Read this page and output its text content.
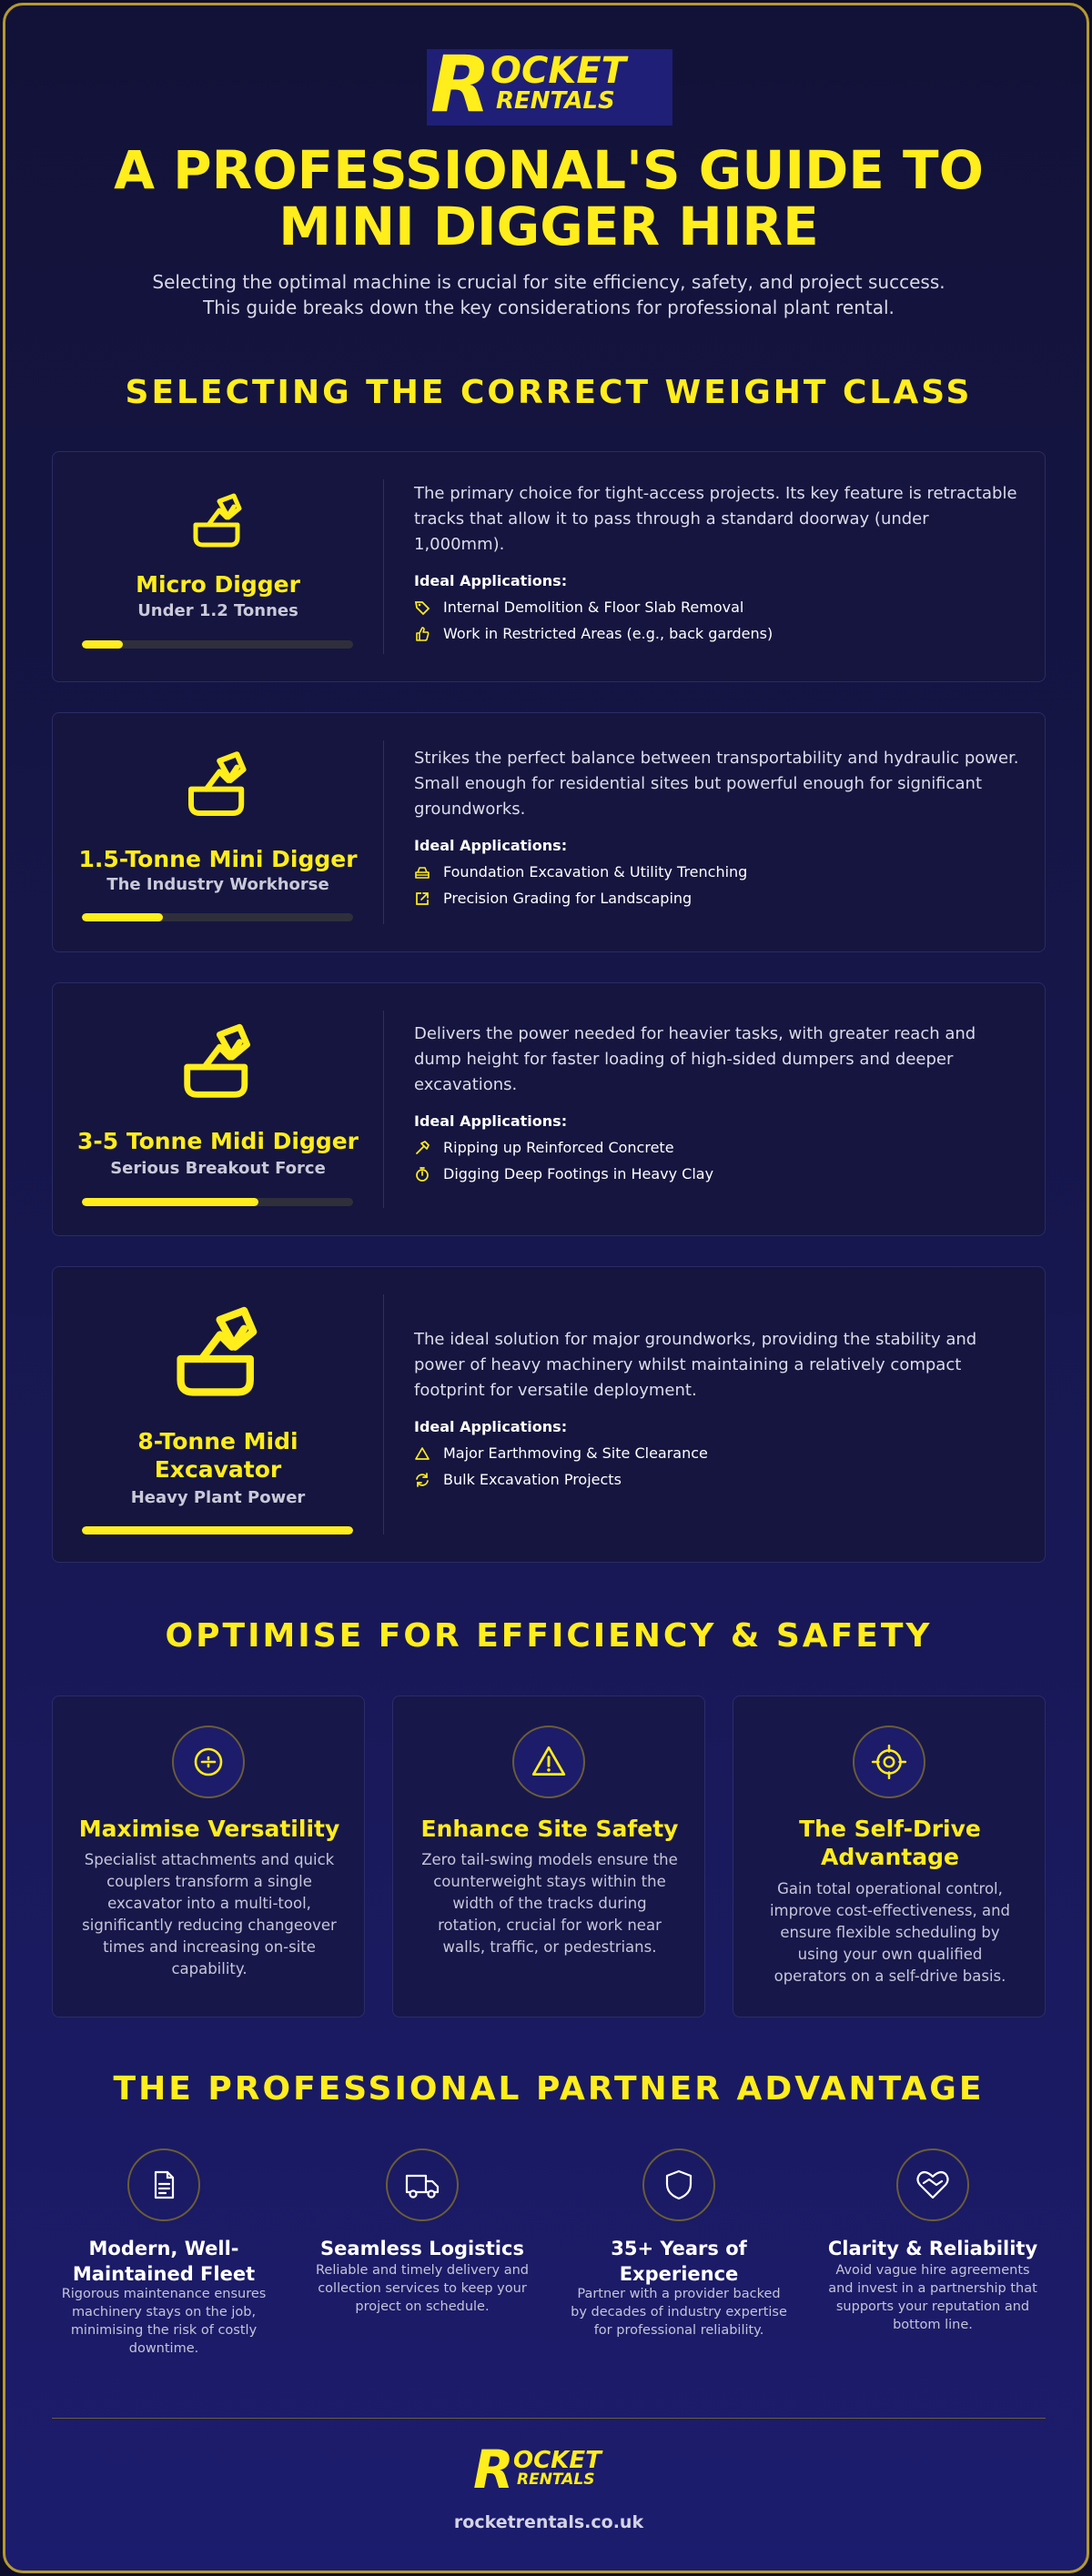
R OCKET
RENTALS
A PROFESSIONAL'S GUIDE TO
MINI DIGGER HIRE
Selecting the optimal machine is crucial for site efficiency, safety, and project success.
This guide breaks down the key considerations for professional plant rental.
SELECTING THE CORRECT WEIGHT CLASS
Micro Digger
Under 1.2 Tonnes
The primary choice for tight-access projects. Its key feature is retractable tracks that allow it to pass through a standard doorway (under 1,000mm).
Ideal Applications:
Internal Demolition & Floor Slab Removal
Work in Restricted Areas (e.g., back gardens)
1.5-Tonne Mini Digger
The Industry Workhorse
Strikes the perfect balance between transportability and hydraulic power. Small enough for residential sites but powerful enough for significant groundworks.
Ideal Applications:
Foundation Excavation & Utility Trenching
Precision Grading for Landscaping
3-5 Tonne Midi Digger
Serious Breakout Force
Delivers the power needed for heavier tasks, with greater reach and dump height for faster loading of high-sided dumpers and deeper excavations.
Ideal Applications:
Ripping up Reinforced Concrete
Digging Deep Footings in Heavy Clay
8-Tonne Midi
Excavator
Heavy Plant Power
The ideal solution for major groundworks, providing the stability and power of heavy machinery whilst maintaining a relatively compact footprint for versatile deployment.
Ideal Applications:
Major Earthmoving & Site Clearance
Bulk Excavation Projects
OPTIMISE FOR EFFICIENCY & SAFETY
Maximise Versatility
Specialist attachments and quick couplers transform a single excavator into a multi-tool, significantly reducing changeover times and increasing on-site capability.
Enhance Site Safety
Zero tail-swing models ensure the counterweight stays within the width of the tracks during rotation, crucial for work near walls, traffic, or pedestrians.
The Self-Drive
Advantage
Gain total operational control, improve cost-effectiveness, and ensure flexible scheduling by using your own qualified operators on a self-drive basis.
THE PROFESSIONAL PARTNER ADVANTAGE
Modern, Well-
Maintained Fleet
Rigorous maintenance ensures machinery stays on the job, minimising the risk of costly downtime.
Seamless Logistics
Reliable and timely delivery and collection services to keep your project on schedule.
35+ Years of
Experience
Partner with a provider backed by decades of industry expertise for professional reliability.
Clarity & Reliability
Avoid vague hire agreements and invest in a partnership that supports your reputation and bottom line.
R OCKET
RENTALS
rocketrentals.co.uk
